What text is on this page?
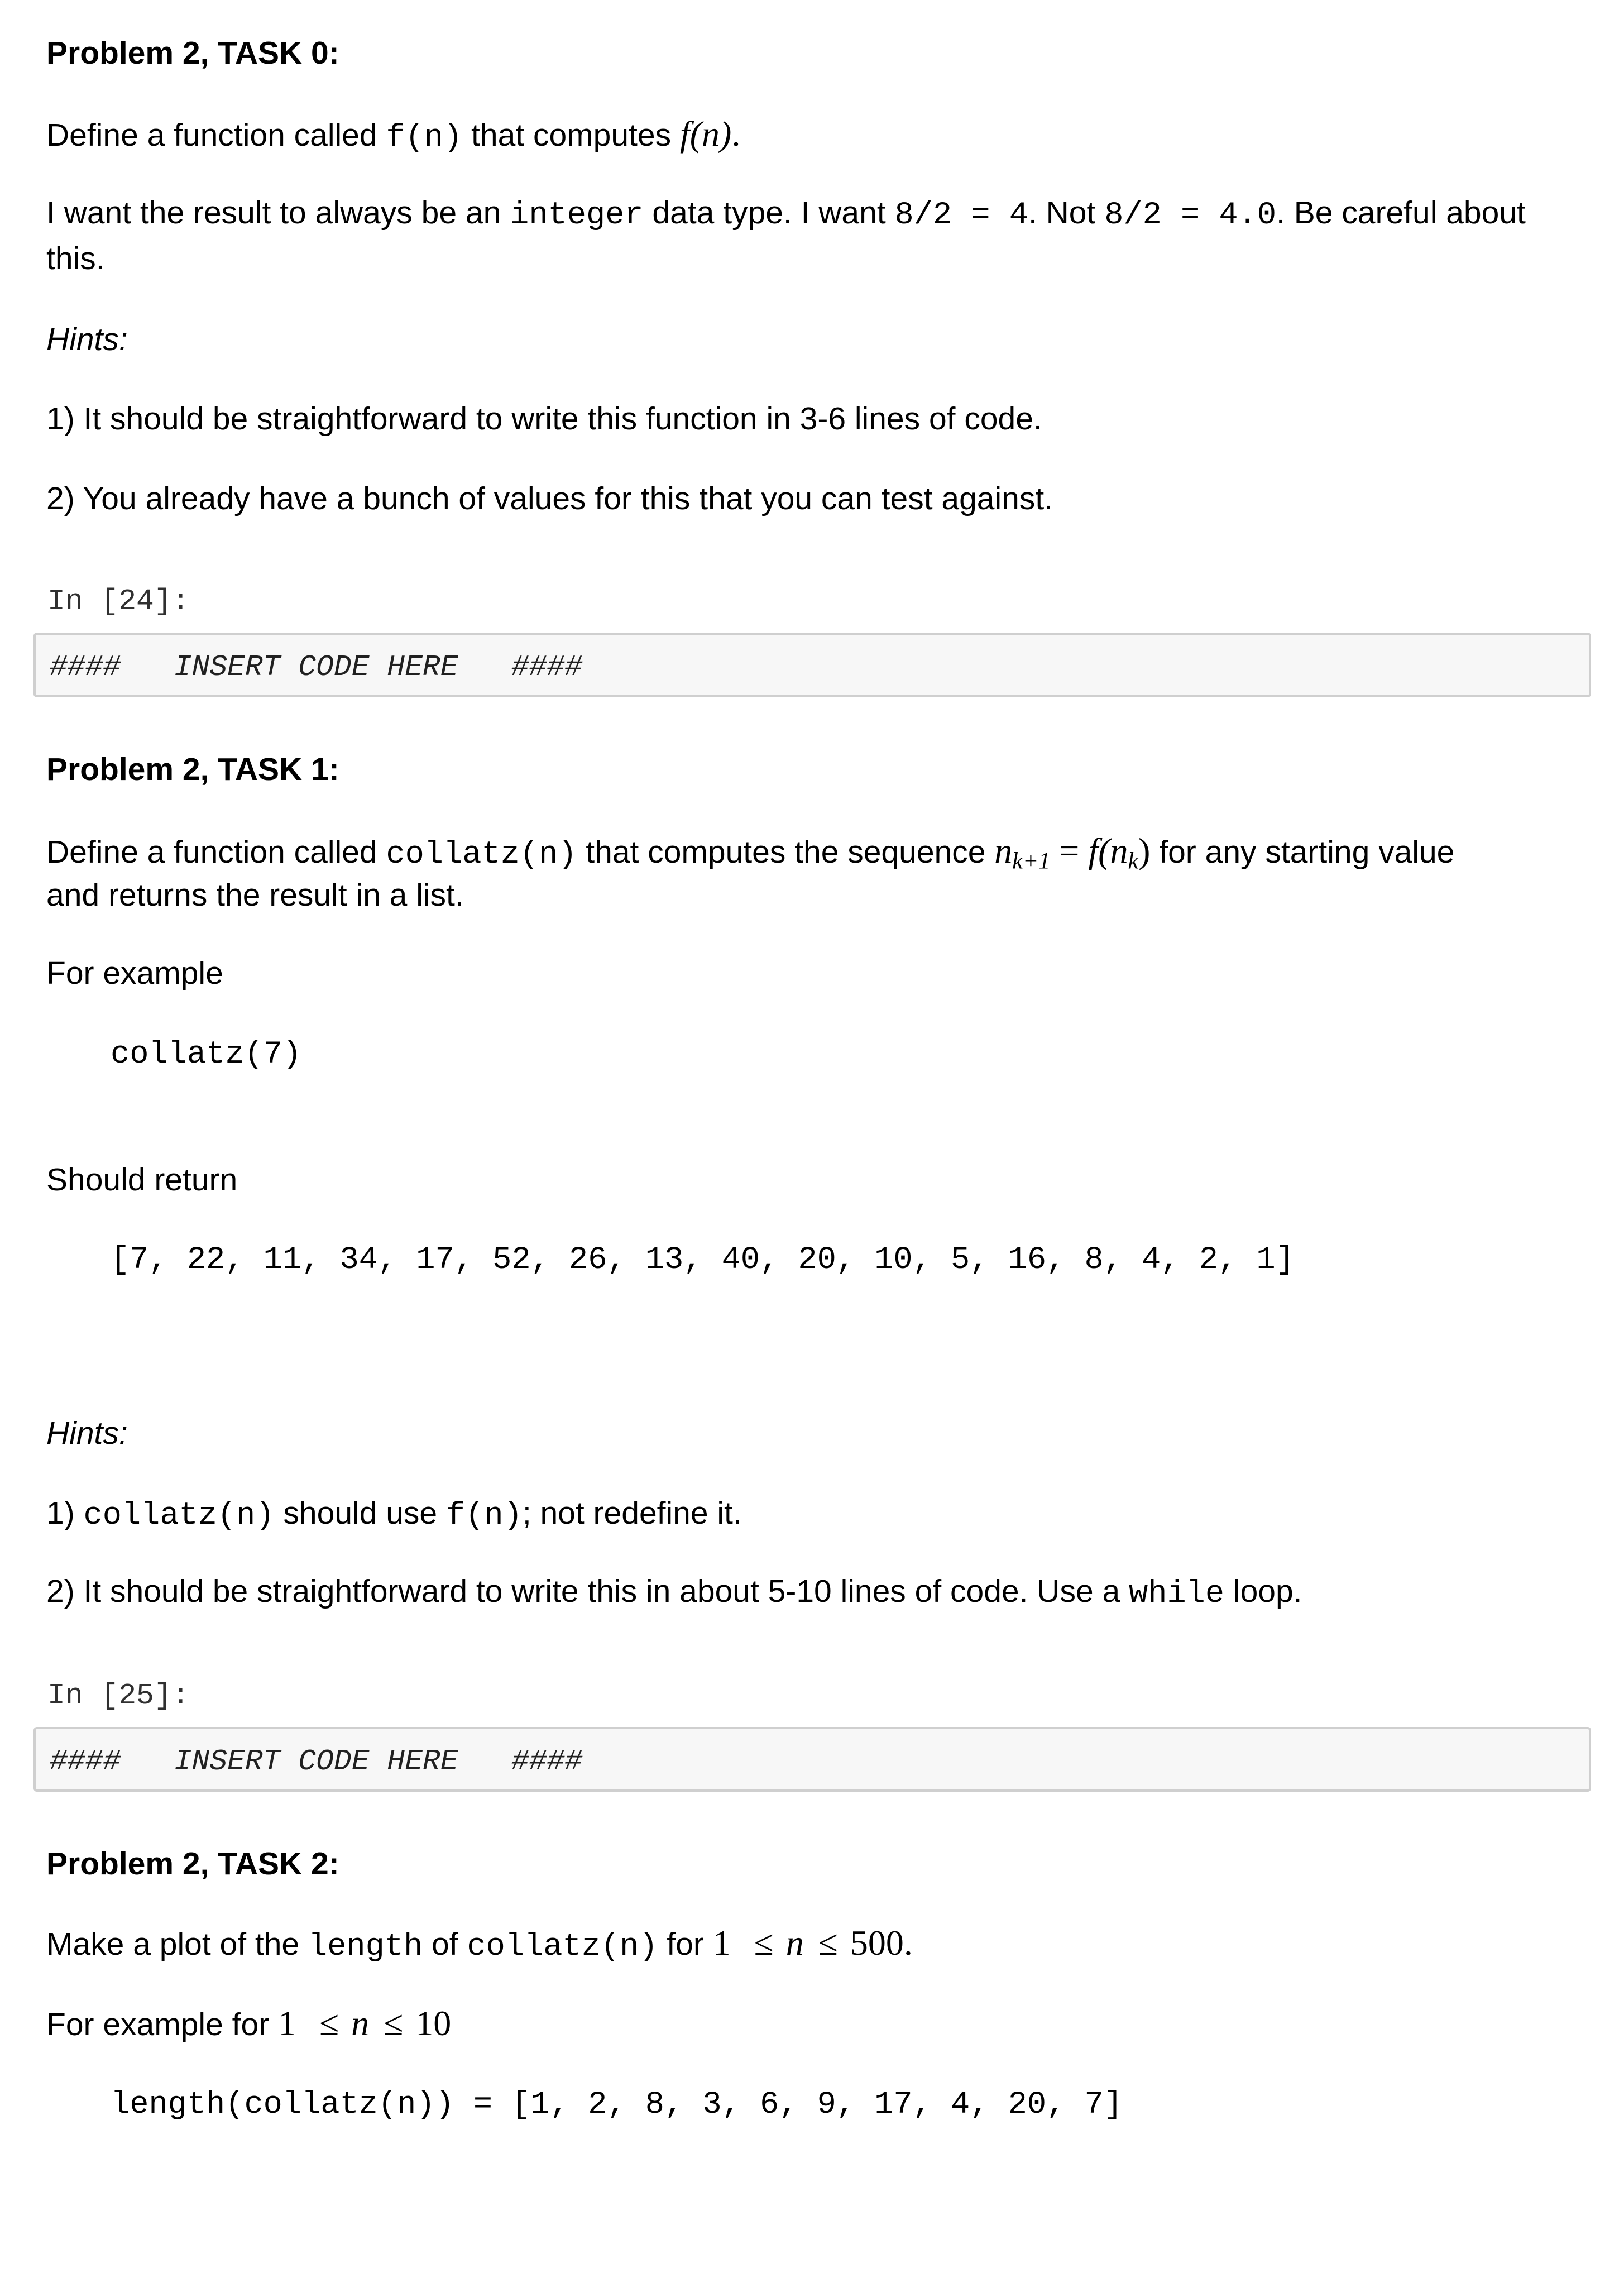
Problem 2, TASK 0:
Define a function called f(n) that computes f(n).
I want the result to always be an integer data type. I want 8/2 = 4. Not 8/2 = 4.0. Be careful about
this.
Hints:
1) It should be straightforward to write this function in 3-6 lines of code.
2) You already have a bunch of values for this that you can test against.
In [24]:
####   INSERT CODE HERE   ####
Problem 2, TASK 1:
Define a function called collatz(n) that computes the sequence $n_{k+1} = f(n_k)$ for any starting value
and returns the result in a list.
For example
collatz(7)
Should return
[7, 22, 11, 34, 17, 52, 26, 13, 40, 20, 10, 5, 16, 8, 4, 2, 1]
Hints:
1) collatz(n) should use f(n); not redefine it.
2) It should be straightforward to write this in about 5-10 lines of code. Use a while loop.
In [25]:
####   INSERT CODE HERE   ####
Problem 2, TASK 2:
Make a plot of the length of collatz(n) for 1 ≤ n ≤ 500.
For example for 1 ≤ n ≤ 10
length(collatz(n)) = [1, 2, 8, 3, 6, 9, 17, 4, 20, 7]
